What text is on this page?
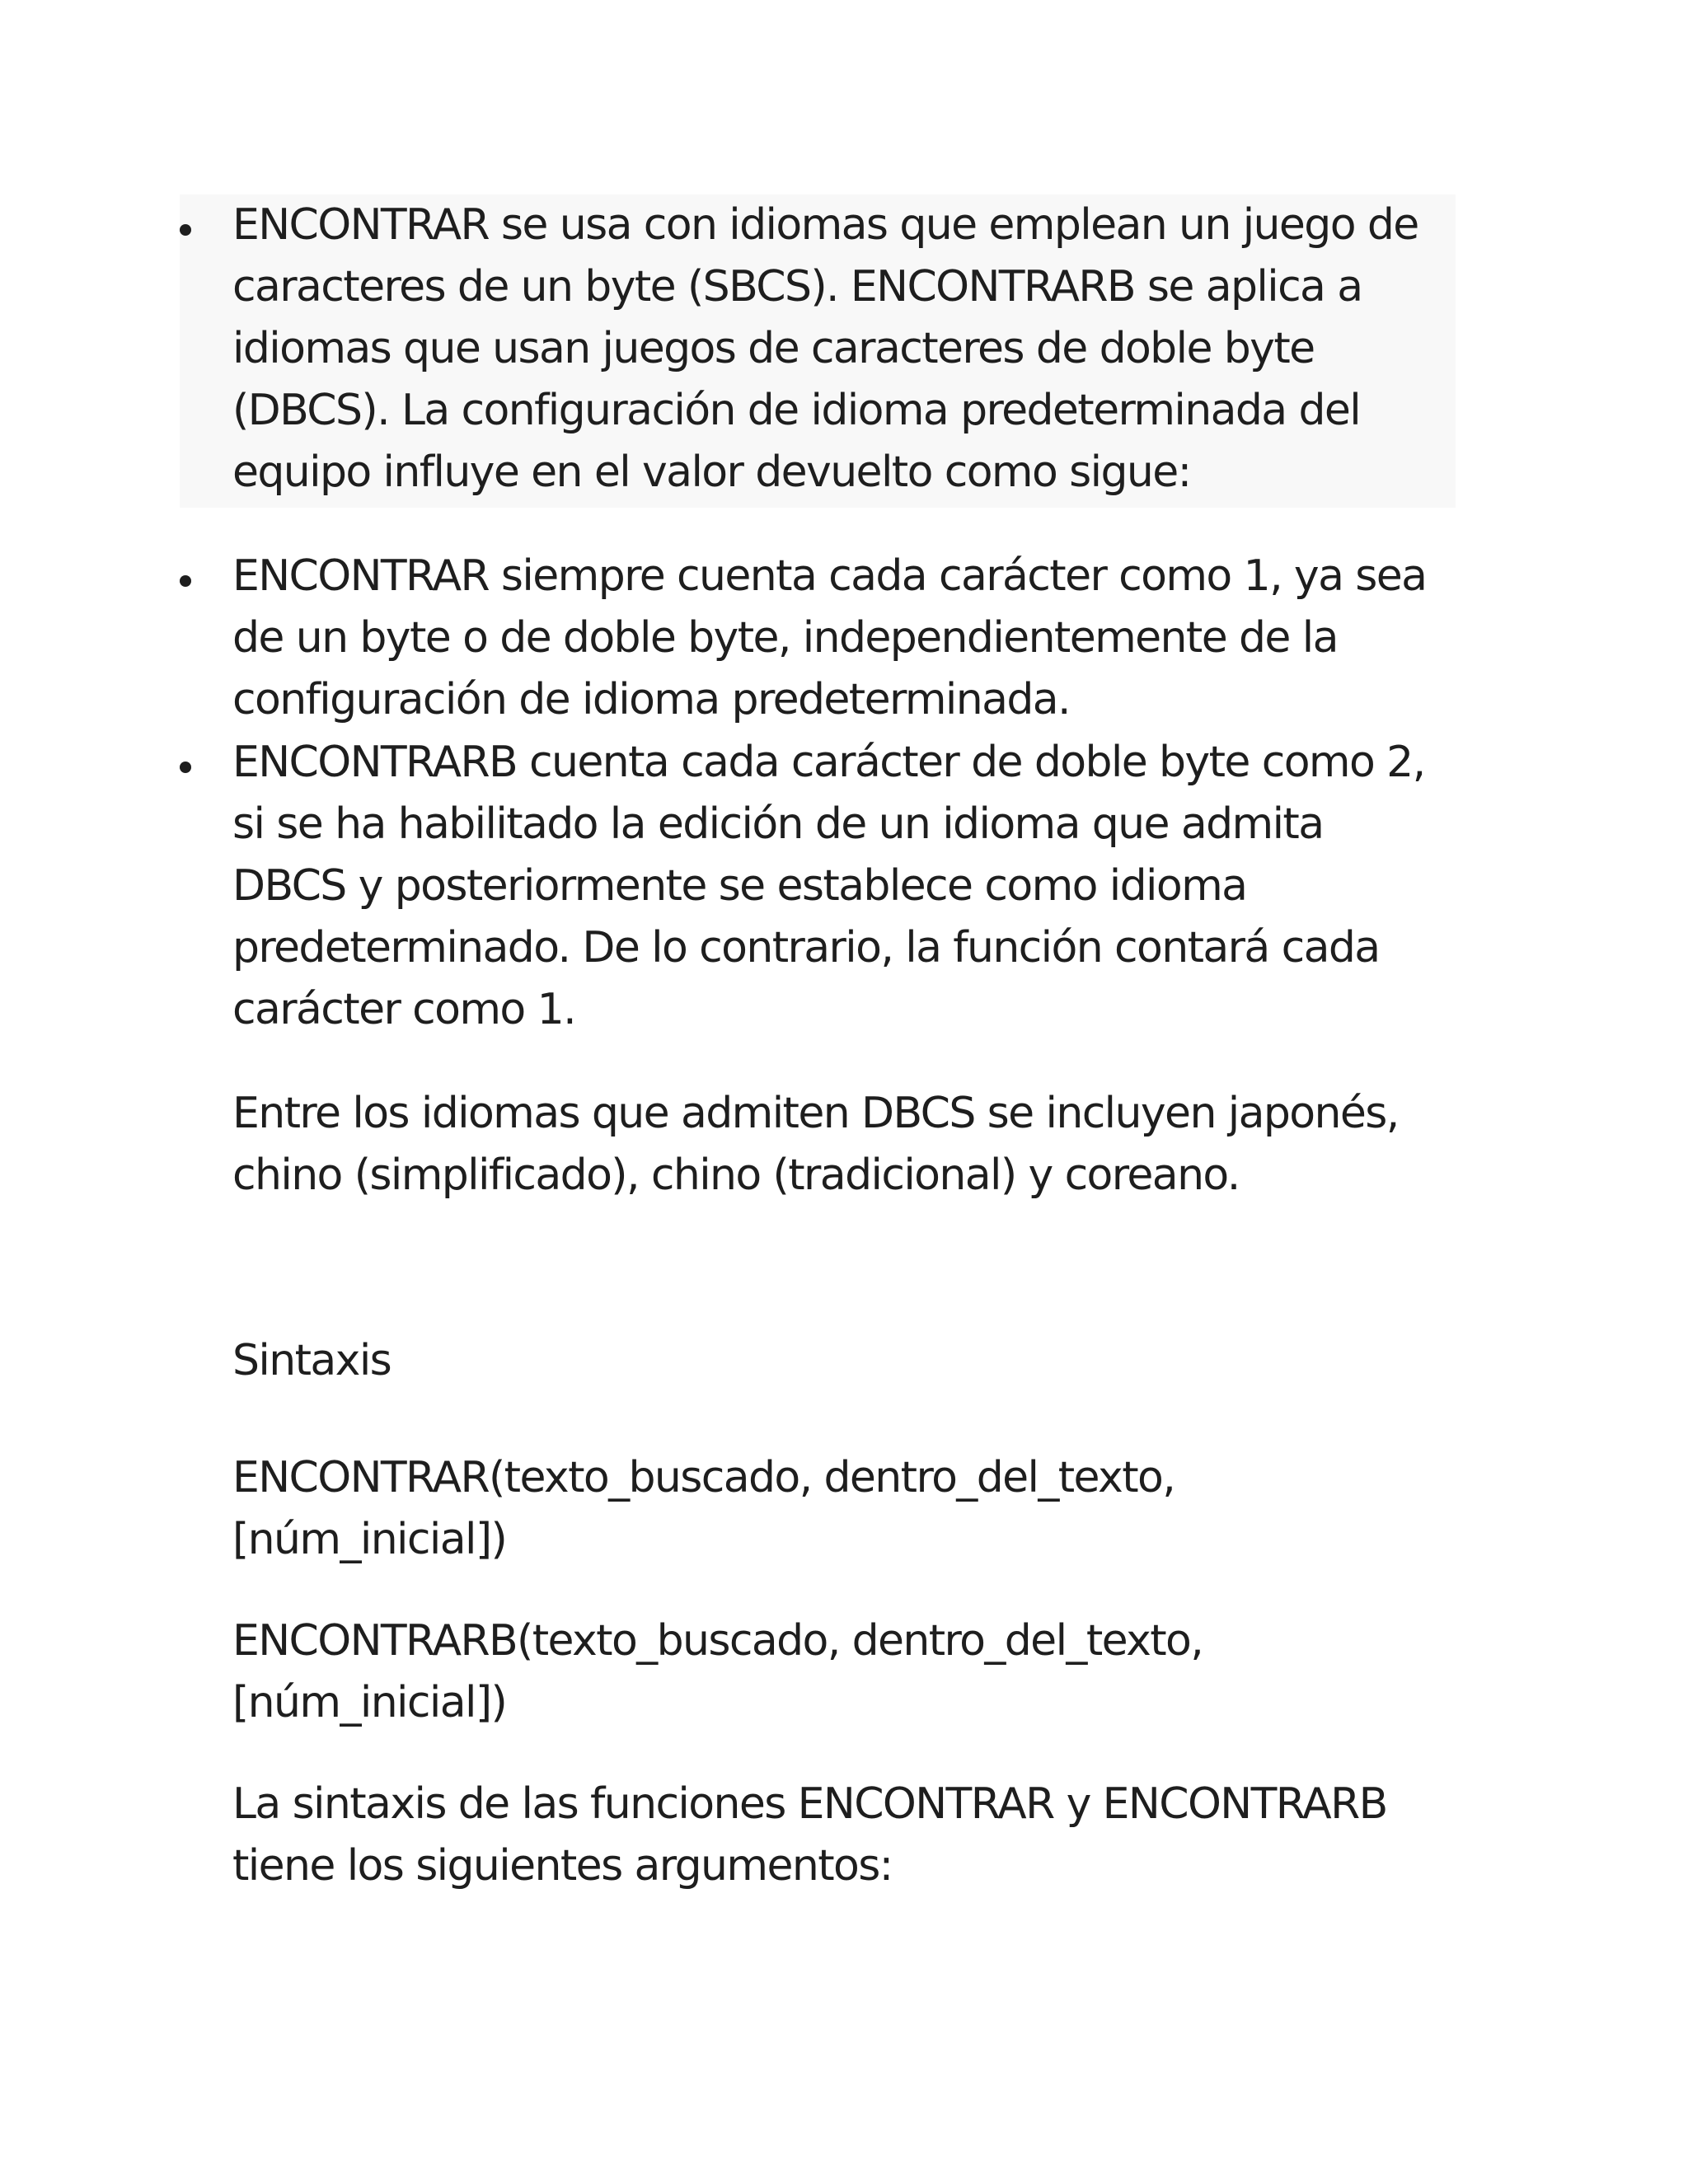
ENCONTRAR se usa con idiomas que emplean un juego de
caracteres de un byte (SBCS). ENCONTRARB se aplica a
idiomas que usan juegos de caracteres de doble byte
(DBCS). La configuración de idioma predeterminada del
equipo influye en el valor devuelto como sigue:
ENCONTRAR siempre cuenta cada carácter como 1, ya sea
de un byte o de doble byte, independientemente de la
configuración de idioma predeterminada.
ENCONTRARB cuenta cada carácter de doble byte como 2,
si se ha habilitado la edición de un idioma que admita
DBCS y posteriormente se establece como idioma
predeterminado. De lo contrario, la función contará cada
carácter como 1.
Entre los idiomas que admiten DBCS se incluyen japonés,
chino (simplificado), chino (tradicional) y coreano.
Sintaxis
ENCONTRAR(texto_buscado, dentro_del_texto,
[núm_inicial])
ENCONTRARB(texto_buscado, dentro_del_texto,
[núm_inicial])
La sintaxis de las funciones ENCONTRAR y ENCONTRARB
tiene los siguientes argumentos:
